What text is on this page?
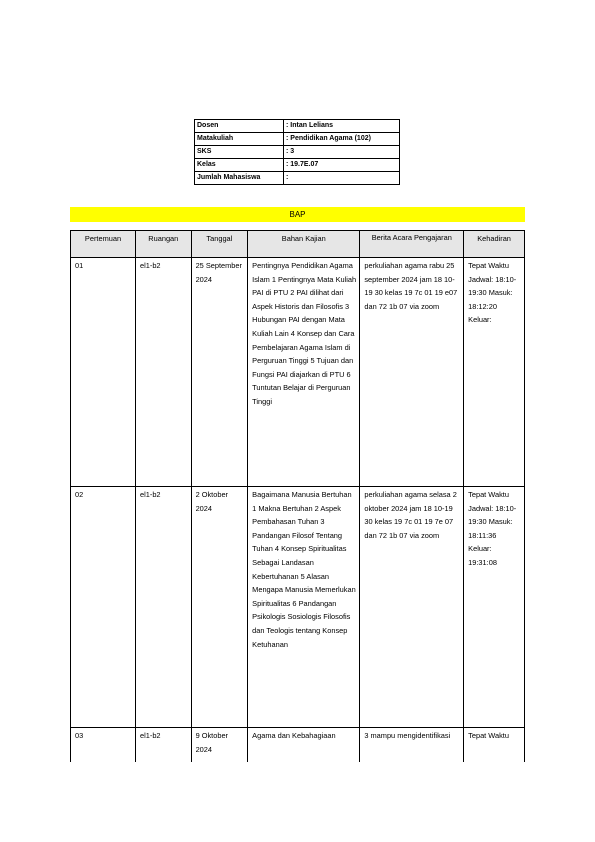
Dosen	: Intan Lelians
Matakuliah	: Pendidikan Agama (102)
SKS	: 3
Kelas	: 19.7E.07
Jumlah Mahasiswa	:
BAP
Pertemuan	Ruangan	Tanggal	Bahan Kajian	Berita Acara Pengajaran	Kehadiran
01	el1-b2	25 September 2024	Pentingnya Pendidikan Agama Islam 1 Pentingnya Mata Kuliah PAI di PTU 2 PAI dilihat dari Aspek Historis dan Filosofis 3 Hubungan PAI dengan Mata Kuliah Lain 4 Konsep dan Cara Pembelajaran Agama Islam di Perguruan Tinggi 5 Tujuan dan Fungsi PAI diajarkan di PTU 6 Tuntutan Belajar di Perguruan Tinggi	perkuliahan agama rabu 25 september 2024 jam 18 10-19 30 kelas 19 7c 01 19 e07 dan 72 1b 07 via zoom	Tepat Waktu Jadwal: 18:10-19:30 Masuk: 18:12:20 Keluar:
02	el1-b2	2 Oktober 2024	Bagaimana Manusia Bertuhan 1 Makna Bertuhan 2 Aspek Pembahasan Tuhan 3 Pandangan Filosof Tentang Tuhan 4 Konsep Spiritualitas Sebagai Landasan Kebertuhanan 5 Alasan Mengapa Manusia Memerlukan Spiritualitas 6 Pandangan Psikologis Sosiologis Filosofis dan Teologis tentang Konsep Ketuhanan	perkuliahan agama selasa 2 oktober 2024 jam 18 10-19 30 kelas 19 7c 01 19 7e 07 dan 72 1b 07 via zoom	Tepat Waktu Jadwal: 18:10-19:30 Masuk: 18:11:36 Keluar: 19:31:08
03	el1-b2	9 Oktober 2024	Agama dan Kebahagiaan	3 mampu mengidentifikasi	Tepat Waktu
